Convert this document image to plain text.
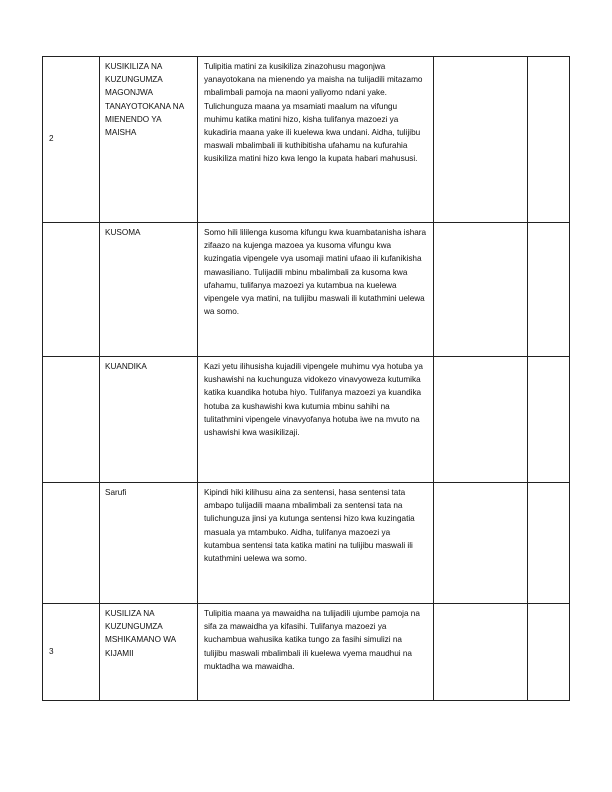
2	KUSIKILIZA NA KUZUNGUMZA MAGONJWA TANAYOTOKANA NA MIENENDO YA MAISHA	Tulipitia matini za kusikiliza zinazohusu magonjwa yanayotokana na mienendo ya maisha na tulijadili mitazamo mbalimbali pamoja na maoni yaliyomo ndani yake. Tulichunguza maana ya msamiati maalum na vifungu muhimu katika matini hizo, kisha tulifanya mazoezi ya kukadiria maana yake ili kuelewa kwa undani. Aidha, tulijibu maswali mbalimbali ili kuthibitisha ufahamu na kufurahia kusikiliza matini hizo kwa lengo la kupata habari mahususi.		
	KUSOMA	Somo hili lililenga kusoma kifungu kwa kuambatanisha ishara zifaazo na kujenga mazoea ya kusoma vifungu kwa kuzingatia vipengele vya usomaji matini ufaao ili kufanikisha mawasiliano. Tulijadili mbinu mbalimbali za kusoma kwa ufahamu, tulifanya mazoezi ya kutambua na kuelewa vipengele vya matini, na tulijibu maswali ili kutathmini uelewa wa somo.		
	KUANDIKA	Kazi yetu ilihusisha kujadili vipengele muhimu vya hotuba ya kushawishi na kuchunguza vidokezo vinavyoweza kutumika katika kuandika hotuba hiyo. Tulifanya mazoezi ya kuandika hotuba za kushawishi kwa kutumia mbinu sahihi na tulitathmini vipengele vinavyofanya hotuba iwe na mvuto na ushawishi kwa wasikilizaji.		
	Sarufi	Kipindi hiki kilihusu aina za sentensi, hasa sentensi tata ambapo tulijadili maana mbalimbali za sentensi tata na tulichunguza jinsi ya kutunga sentensi hizo kwa kuzingatia masuala ya mtambuko. Aidha, tulifanya mazoezi ya kutambua sentensi tata katika matini na tulijibu maswali ili kutathmini uelewa wa somo.		
3	KUSILIZA NA KUZUNGUMZA MSHIKAMANO WA KIJAMII	Tulipitia maana ya mawaidha na tulijadili ujumbe pamoja na sifa za mawaidha ya kifasihi. Tulifanya mazoezi ya kuchambua wahusika katika tungo za fasihi simulizi na tulijibu maswali mbalimbali ili kuelewa vyema maudhui na muktadha wa mawaidha.		
